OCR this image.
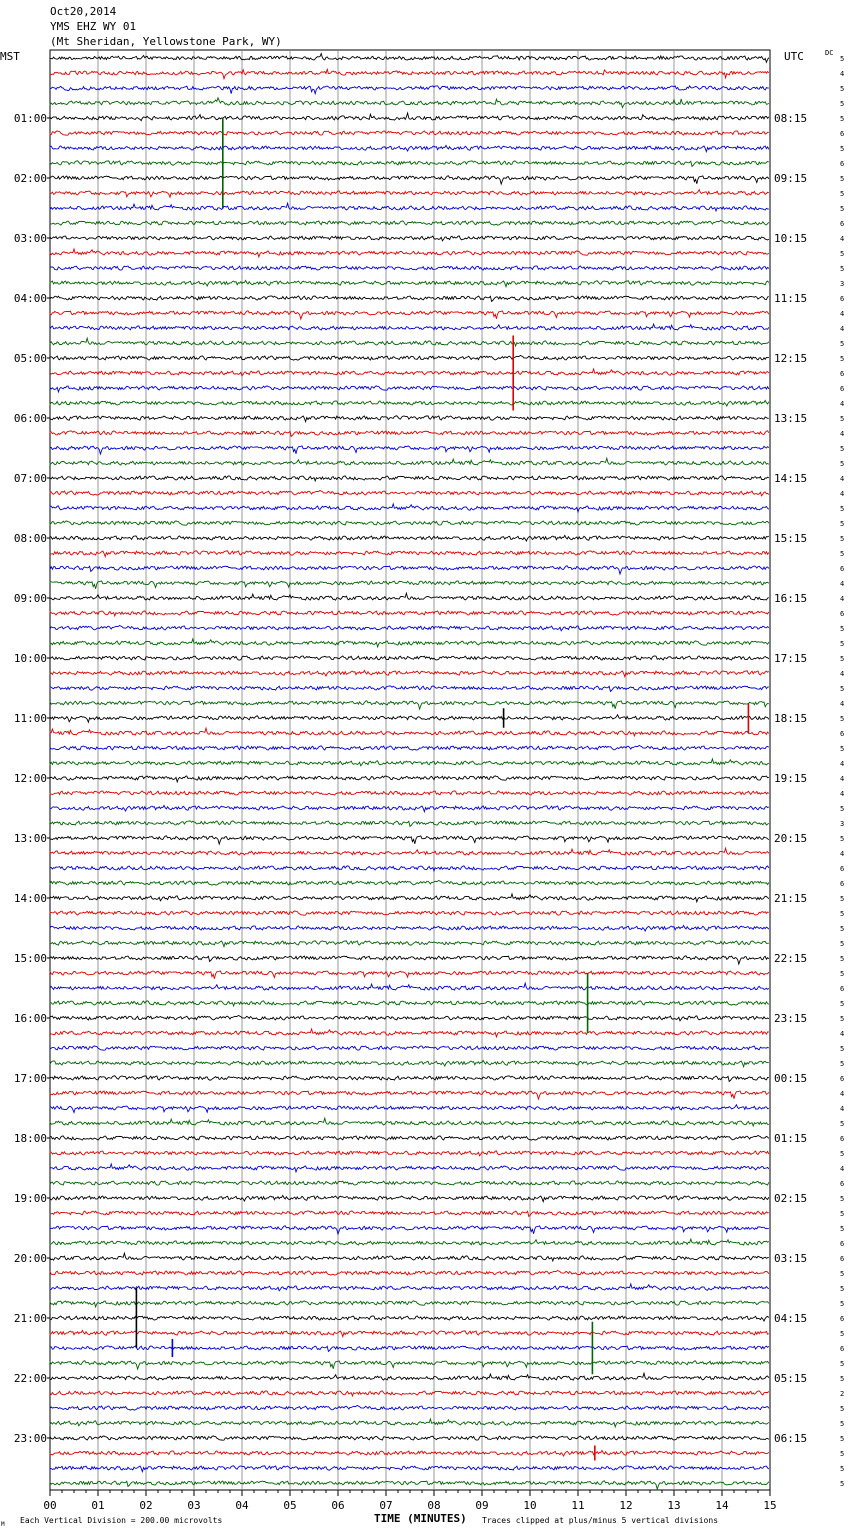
Oct20,2014
YMS EHZ WY 01
(Mt Sheridan, Yellowstone Park, WY)
00	01	02	03	04	05	06	07	08	09	10	11	12	13	14	15
01:00
02:00
03:00
04:00
05:00
06:00
07:00
08:00
09:00
10:00
11:00
12:00
13:00
14:00
15:00
16:00
17:00
18:00
19:00
20:00
21:00
22:00
23:00
08:15
09:15
10:15
11:15
12:15
13:15
14:15
15:15
16:15
17:15
18:15
19:15
20:15
21:15
22:15
23:15
00:15
01:15
02:15
03:15
04:15
05:15
06:15
5
4
5
5
5
6
5
6
5
5
5
6
4
5
5
3
6
4
4
5
5
6
6
4
5
4
5
5
4
4
5
5
5
5
6
4
4
6
5
5
5
4
5
4
5
6
5
4
4
4
5
3
5
4
6
6
5
5
5
5
5
5
6
5
5
4
5
5
6
4
4
5
6
5
4
6
5
5
5
6
6
5
5
5
6
5
6
5
5
2
5
5
5
5
5
5
MST	UTC	DC
TIME (MINUTES)
Each Vertical Division = 200.00 microvolts	Traces clipped at plus/minus 5 vertical divisions
M
